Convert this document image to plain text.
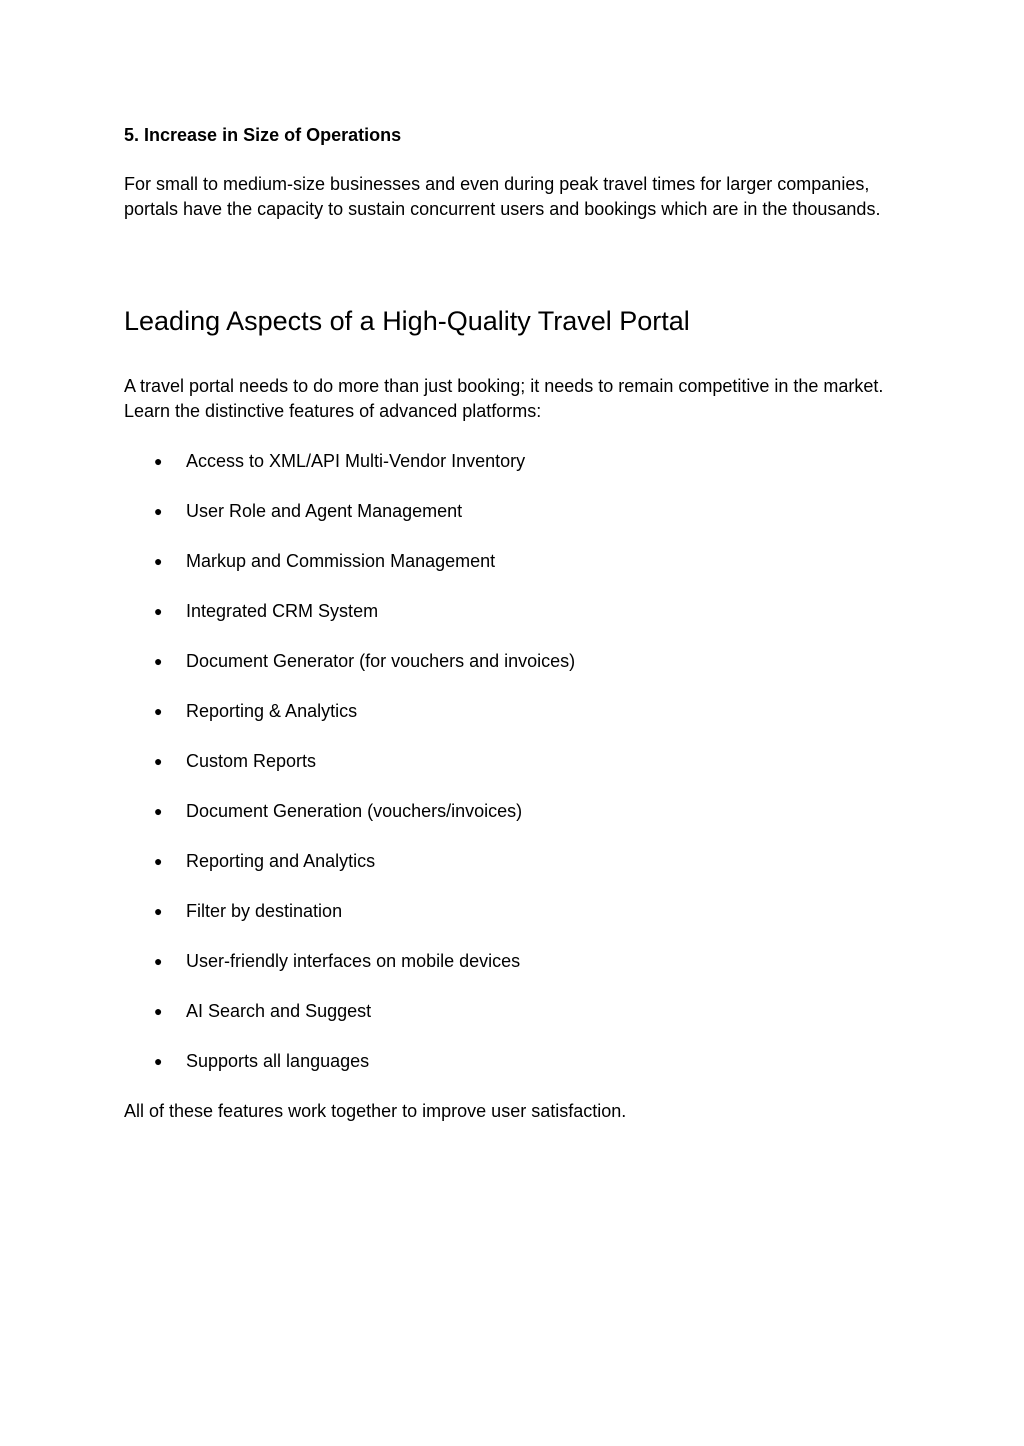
5. Increase in Size of Operations

For small to medium-size businesses and even during peak travel times for larger companies, portals have the capacity to sustain concurrent users and bookings which are in the thousands.

Leading Aspects of a High-Quality Travel Portal

A travel portal needs to do more than just booking; it needs to remain competitive in the market. Learn the distinctive features of advanced platforms:

● Access to XML/API Multi-Vendor Inventory
● User Role and Agent Management
● Markup and Commission Management
● Integrated CRM System
● Document Generator (for vouchers and invoices)
● Reporting & Analytics
● Custom Reports
● Document Generation (vouchers/invoices)
● Reporting and Analytics
● Filter by destination
● User-friendly interfaces on mobile devices
● AI Search and Suggest
● Supports all languages

All of these features work together to improve user satisfaction.
